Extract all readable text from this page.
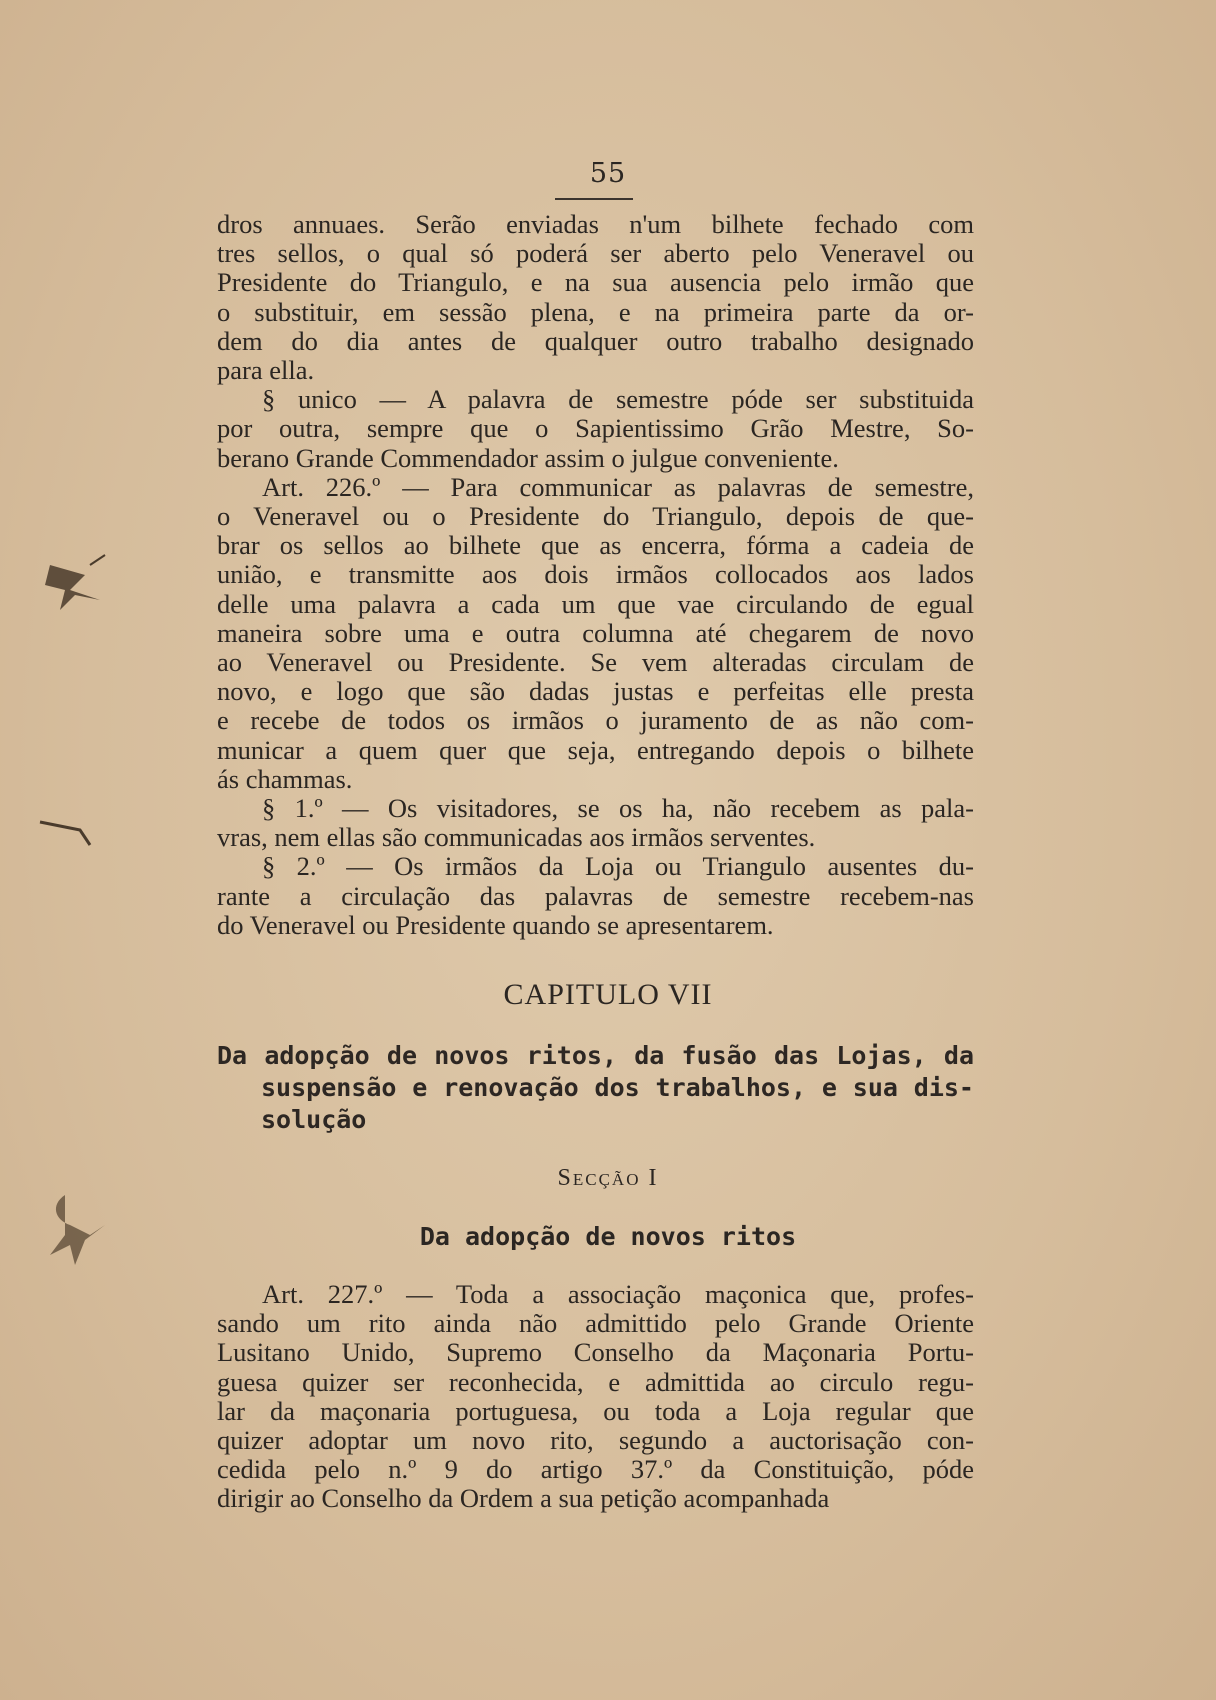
55
dros annuaes. Serão enviadas n'um bilhete fechado com
tres sellos, o qual só poderá ser aberto pelo Veneravel ou
Presidente do Triangulo, e na sua ausencia pelo irmão que
o substituir, em sessão plena, e na primeira parte da or-
dem do dia antes de qualquer outro trabalho designado
para ella.
§ unico — A palavra de semestre póde ser substituida
por outra, sempre que o Sapientissimo Grão Mestre, So-
berano Grande Commendador assim o julgue conveniente.
Art. 226.º — Para communicar as palavras de semestre,
o Veneravel ou o Presidente do Triangulo, depois de que-
brar os sellos ao bilhete que as encerra, fórma a cadeia de
união, e transmitte aos dois irmãos collocados aos lados
delle uma palavra a cada um que vae circulando de egual
maneira sobre uma e outra columna até chegarem de novo
ao Veneravel ou Presidente. Se vem alteradas circulam de
novo, e logo que são dadas justas e perfeitas elle presta
e recebe de todos os irmãos o juramento de as não com-
municar a quem quer que seja, entregando depois o bilhete
ás chammas.
§ 1.º — Os visitadores, se os ha, não recebem as pala-
vras, nem ellas são communicadas aos irmãos serventes.
§ 2.º — Os irmãos da Loja ou Triangulo ausentes du-
rante a circulação das palavras de semestre recebem-nas
do Veneravel ou Presidente quando se apresentarem.
CAPITULO VII
Da adopção de novos ritos, da fusão das Lojas, da
suspensão e renovação dos trabalhos, e sua dis-
solução
Secção I
Da adopção de novos ritos
Art. 227.º — Toda a associação maçonica que, profes-
sando um rito ainda não admittido pelo Grande Oriente
Lusitano Unido, Supremo Conselho da Maçonaria Portu-
guesa quizer ser reconhecida, e admittida ao circulo regu-
lar da maçonaria portuguesa, ou toda a Loja regular que
quizer adoptar um novo rito, segundo a auctorisação con-
cedida pelo n.º 9 do artigo 37.º da Constituição, póde
dirigir ao Conselho da Ordem a sua petição acompanhada
